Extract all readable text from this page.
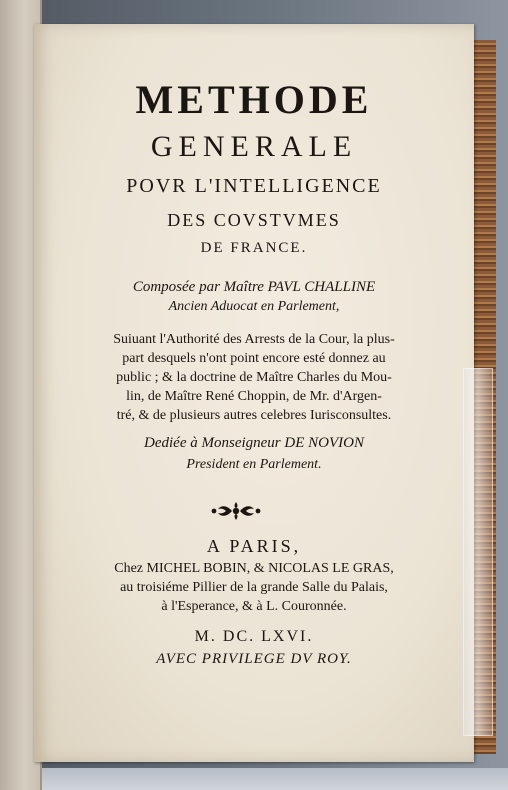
METHODE
GENERALE
POVR L'INTELLIGENCE
DES COVSTVMES
DE FRANCE.
Composée par Maître PAVL CHALLINE
Ancien Aduocat en Parlement,
Suiuant l'Authorité des Arrests de la Cour, la plus-
part desquels n'ont point encore esté donnez au
public ; & la doctrine de Maître Charles du Mou-
lin, de Maître René Choppin, de Mr. d'Argen-
tré, & de plusieurs autres celebres Iurisconsultes.
Dediée à Monseigneur DE NOVION
President en Parlement.
A PARIS,
Chez MICHEL BOBIN, & NICOLAS LE GRAS,
au troisiéme Pillier de la grande Salle du Palais,
à l'Esperance, & à L. Couronnée.
M. DC. LXVI.
AVEC PRIVILEGE DV ROY.
